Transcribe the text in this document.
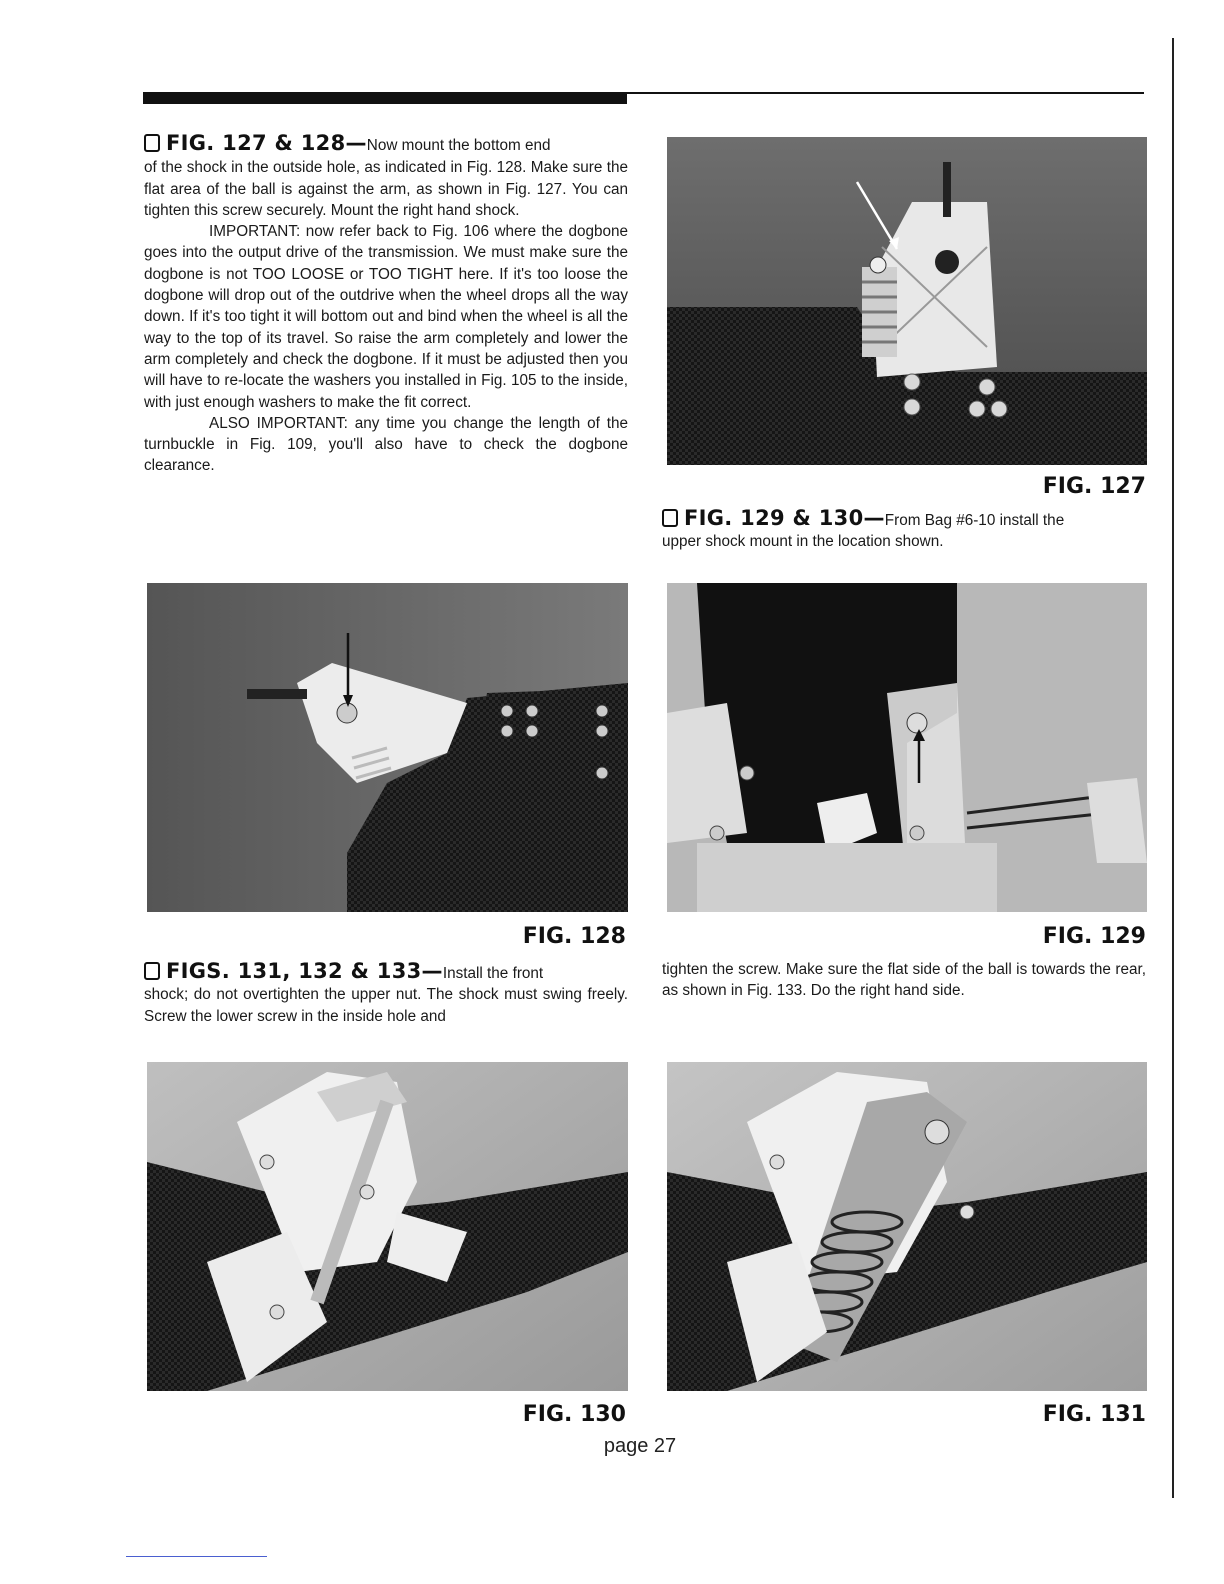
FIG. 127 & 128—Now mount the bottom end

of the shock in the outside hole, as indicated in Fig. 128. Make sure the flat area of the ball is against the arm, as shown in Fig. 127. You can tighten this screw securely. Mount the right hand shock.

IMPORTANT: now refer back to Fig. 106 where the dogbone goes into the output drive of the transmission. We must make sure the dogbone is not TOO LOOSE or TOO TIGHT here. If it's too loose the dogbone will drop out of the outdrive when the wheel drops all the way down. If it's too tight it will bottom out and bind when the wheel is all the way to the top of its travel. So raise the arm completely and lower the arm completely and check the dogbone. If it must be adjusted then you will have to re-locate the washers you installed in Fig. 105 to the inside, with just enough washers to make the fit correct.

ALSO IMPORTANT: any time you change the length of the turnbuckle in Fig. 109, you'll also have to check the dogbone clearance.

FIG. 127

FIG. 129 & 130—From Bag #6-10 install the

upper shock mount in the location shown.

FIG. 128	FIG. 129

FIGS. 131, 132 & 133—Install the front

shock; do not overtighten the upper nut. The shock must swing freely. Screw the lower screw in the inside hole and

tighten the screw. Make sure the flat side of the ball is towards the rear, as shown in Fig. 133. Do the right hand side.

FIG. 130	FIG. 131
page 27
